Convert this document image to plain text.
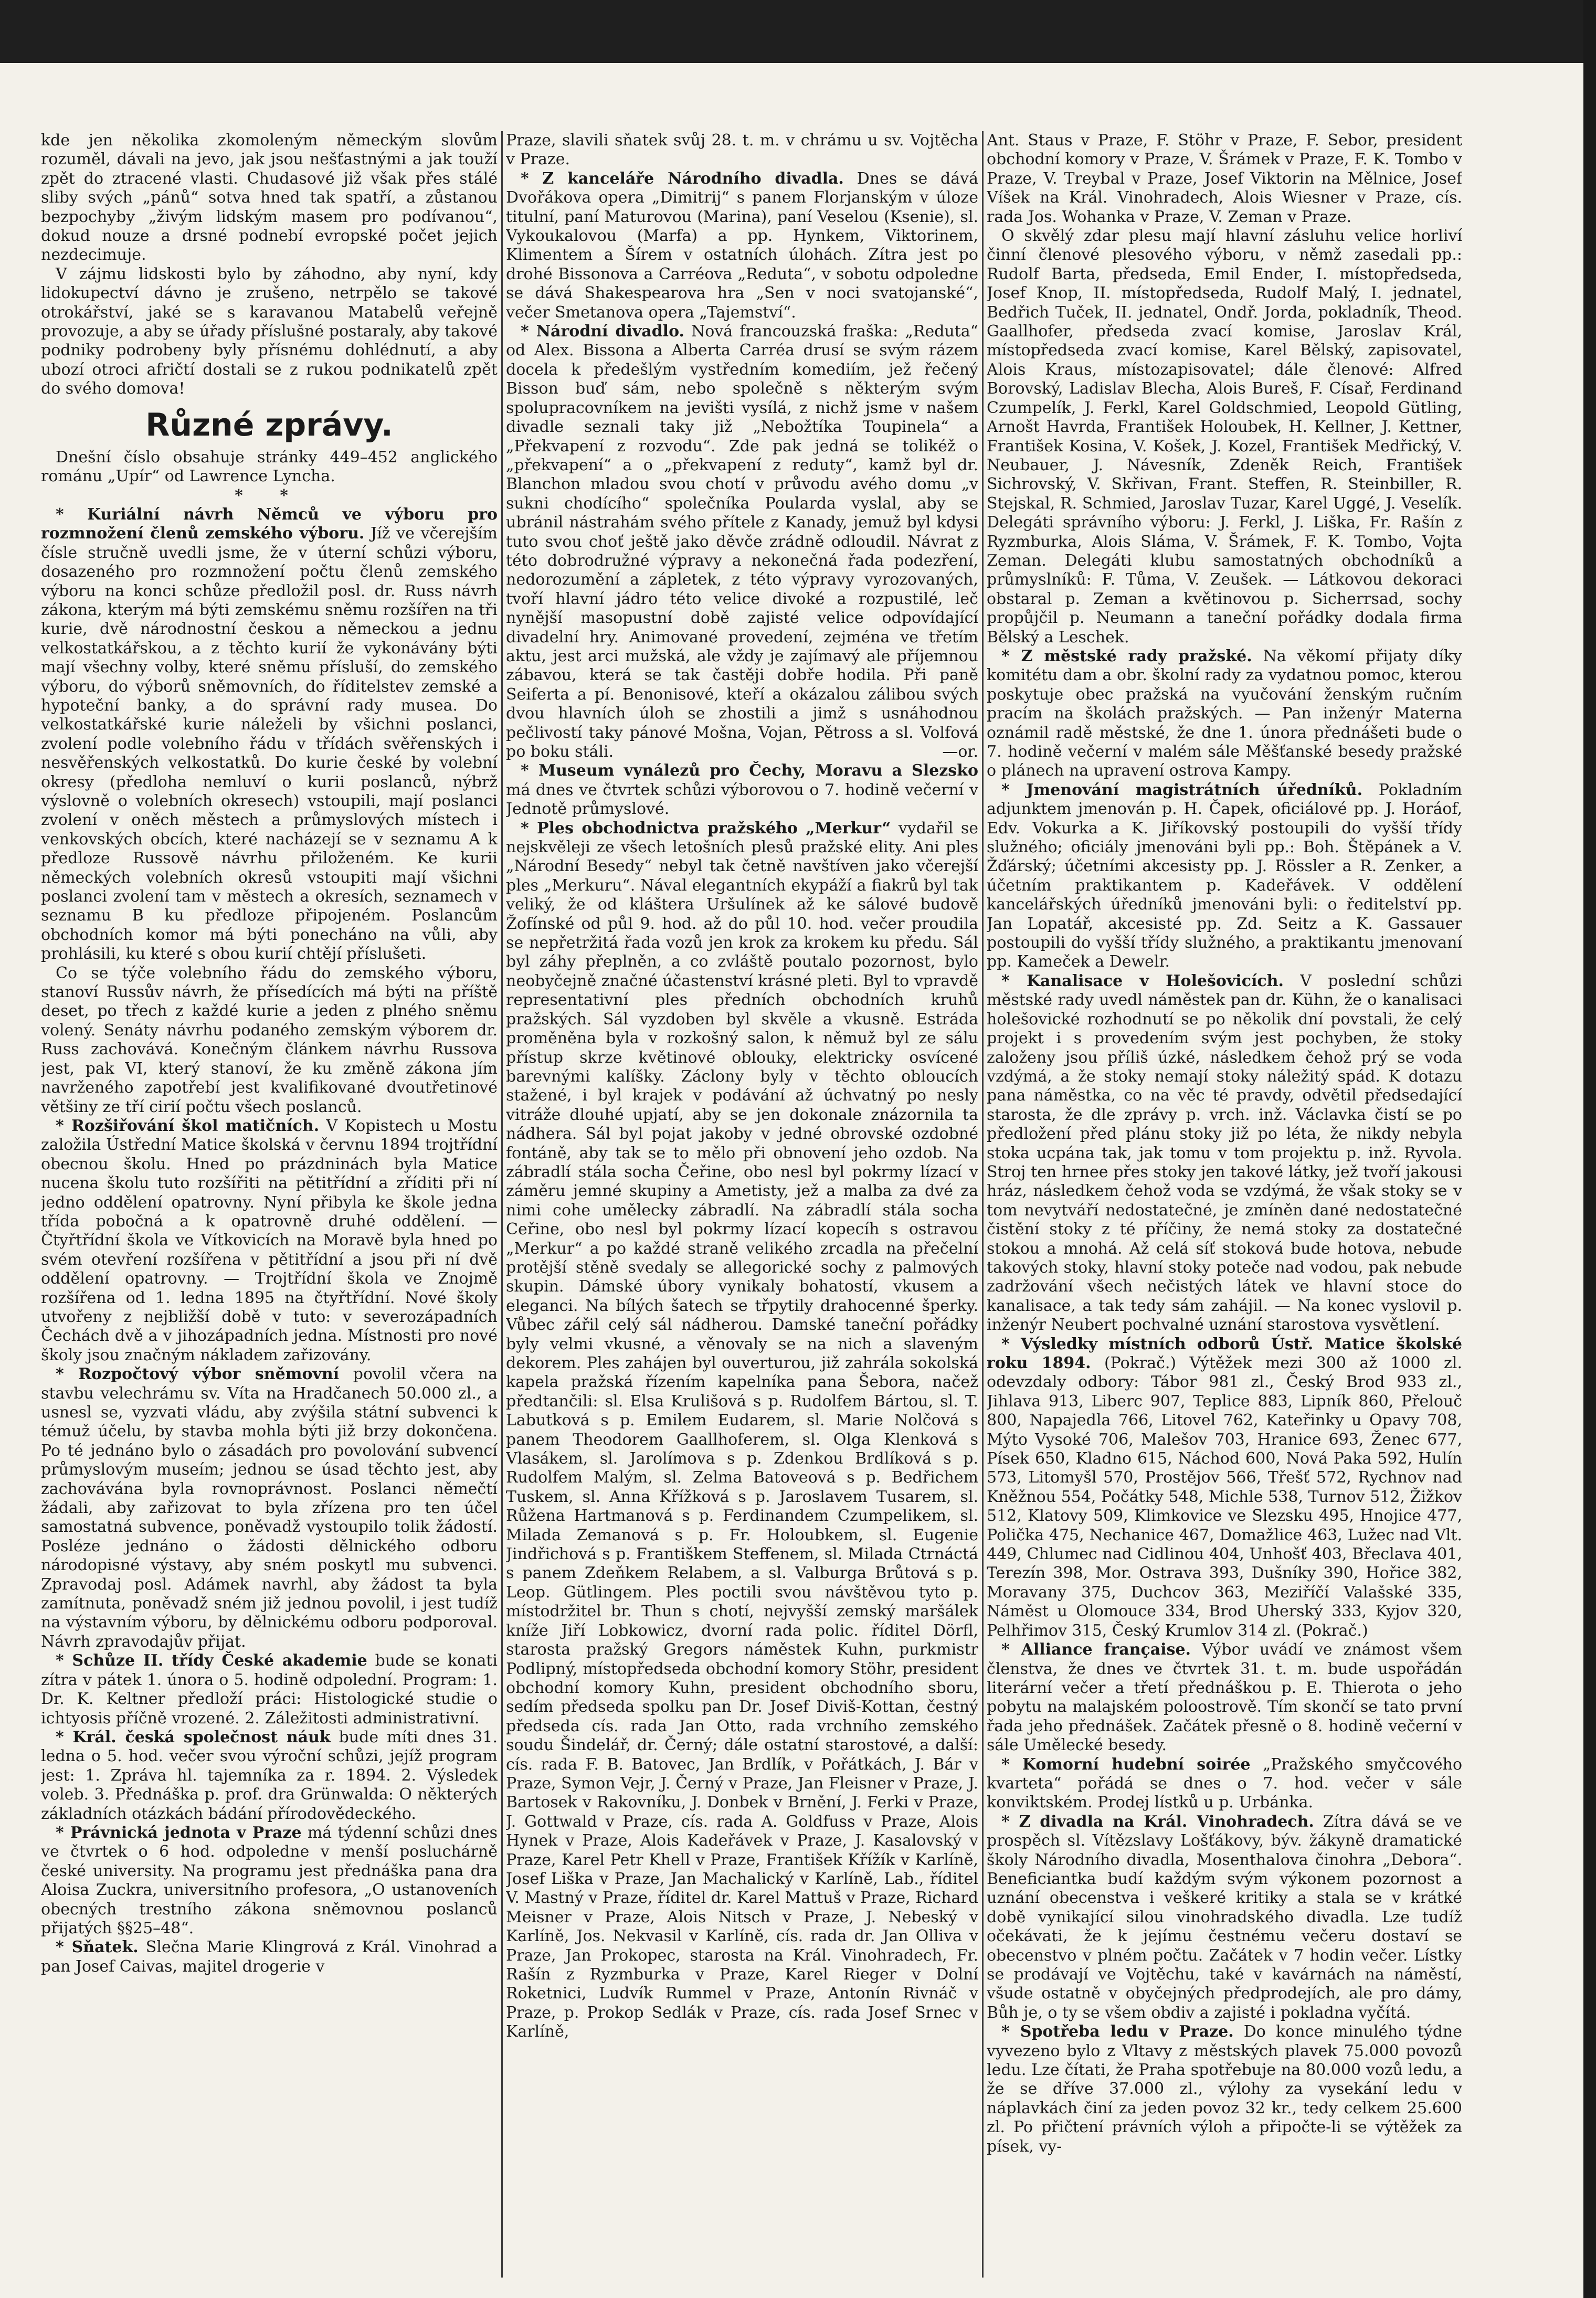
kde jen několika zkomoleným německým slovům rozuměl, dávali na jevo, jak jsou nešťastnými a jak touží zpět do ztracené vlasti. Chudasové již však přes stálé sliby svých „pánů“ sotva hned tak spatří, a zůstanou bezpochyby „živým lidským masem pro podívanou“, dokud nouze a drsné podnebí evropské počet jejich nezdecimuje.

V zájmu lidskosti bylo by záhodno, aby nyní, kdy lidokupectví dávno je zrušeno, netrpělo se takové otrokářství, jaké se s karavanou Matabelů veřejně provozuje, a aby se úřady příslušné postaraly, aby takové podniky podrobeny byly přísnému dohlédnutí, a aby ubozí otroci afričtí dostali se z rukou podnikatelů zpět do svého domova!

Různé zprávy.

Dnešní číslo obsahuje stránky 449–452 anglického románu „Upír“ od Lawrence Lyncha.

* *

* Kuriální návrh Němců ve výboru pro rozmnožení členů zemského výboru. Jíž ve včerejším čísle stručně uvedli jsme, že v úterní schůzi výboru, dosazeného pro rozmnožení počtu členů zemského výboru na konci schůze předložil posl. dr. Russ návrh zákona, kterým má býti zemskému sněmu rozšířen na tři kurie, dvě národnostní českou a německou a jednu velkostatkářskou, a z těchto kurií že vykonávány býti mají všechny volby, které sněmu přísluší, do zemského výboru, do výborů sněmovních, do říditelstev zemské a hypoteční banky, a do správní rady musea. Do velkostatkářské kurie náleželi by všichni poslanci, zvolení podle volebního řádu v třídách svěřenských i nesvěřenských velkostatků. Do kurie české by volební okresy (předloha nemluví o kurii poslanců, nýbrž výslovně o volebních okresech) vstoupili, mají poslanci zvolení v oněch městech a průmyslových místech i venkovských obcích, které nacházejí se v seznamu A k předloze Russově návrhu přiloženém. Ke kurii německých volebních okresů vstoupiti mají všichni poslanci zvolení tam v městech a okresích, seznamech v seznamu B ku předloze připojeném. Poslancům obchodních komor má býti ponecháno na vůli, aby prohlásili, ku které s obou kurií chtějí příslušeti.

Co se týče volebního řádu do zemského výboru, stanoví Russův návrh, že přísedících má býti na příště deset, po třech z každé kurie a jeden z plného sněmu volený. Senáty návrhu podaného zemským výborem dr. Russ zachovává. Konečným článkem návrhu Russova jest, pak VI, který stanoví, že ku změně zákona jím navrženého zapotřebí jest kvalifikované dvoutřetinové většiny ze tří cirií počtu všech poslanců.

* Rozšiřování škol matičních. V Kopistech u Mostu založila Ústřední Matice školská v červnu 1894 trojtřídní obecnou školu. Hned po prázdninách byla Matice nucena školu tuto rozšířiti na pětitřídní a zříditi při ní jedno oddělení opatrovny. Nyní přibyla ke škole jedna třída pobočná a k opatrovně druhé oddělení. — Čtyřtřídní škola ve Vítkovicích na Moravě byla hned po svém otevření rozšířena v pětitřídní a jsou při ní dvě oddělení opatrovny. — Trojtřídní škola ve Znojmě rozšířena od 1. ledna 1895 na čtyřtřídní. Nové školy utvořeny z nejbližší době v tuto: v severozápadních Čechách dvě a v jihozápadních jedna. Místnosti pro nové školy jsou značným nákladem zařizovány.

* Rozpočtový výbor sněmovní povolil včera na stavbu velechrámu sv. Víta na Hradčanech 50.000 zl., a usnesl se, vyzvati vládu, aby zvýšila státní subvenci k témuž účelu, by stavba mohla býti již brzy dokončena. Po té jednáno bylo o zásadách pro povolování subvencí průmyslovým museím; jednou se úsad těchto jest, aby zachovávána byla rovnoprávnost. Poslanci němečtí žádali, aby zařizovat to byla zřízena pro ten účel samostatná subvence, poněvadž vystoupilo tolik žádostí. Posléze jednáno o žádosti dělnického odboru národopisné výstavy, aby sném poskytl mu subvenci. Zpravodaj posl. Adámek navrhl, aby žádost ta byla zamítnuta, poněvadž sném již jednou povolil, i jest tudíž na výstavním výboru, by dělnickému odboru podporoval. Návrh zpravodajův přijat.

* Schůze II. třídy České akademie bude se konati zítra v pátek 1. února o 5. hodině odpolední. Program: 1. Dr. K. Keltner předloží práci: Histologické studie o ichtyosis příčně vrozené. 2. Záležitosti administrativní.

* Král. česká společnost náuk bude míti dnes 31. ledna o 5. hod. večer svou výroční schůzi, jejíž program jest: 1. Zpráva hl. tajemníka za r. 1894. 2. Výsledek voleb. 3. Přednáška p. prof. dra Grünwalda: O některých základních otázkách bádání přírodovědeckého.

* Právnická jednota v Praze má týdenní schůzi dnes ve čtvrtek o 6 hod. odpoledne v menší posluchárně české university. Na programu jest přednáška pana dra Aloisa Zuckra, universitního profesora, „O ustanoveních obecných trestního zákona sněmovnou poslanců přijatých §§25–48“.

* Sňatek. Slečna Marie Klingrová z Král. Vinohrad a pan Josef Caivas, majitel drogerie v

Praze, slavili sňatek svůj 28. t. m. v chrámu u sv. Vojtěcha v Praze.

* Z kanceláře Národního divadla. Dnes se dává Dvořákova opera „Dimitrij“ s panem Florjanským v úloze titulní, paní Maturovou (Marina), paní Veselou (Ksenie), sl. Vykoukalovou (Marfa) a pp. Hynkem, Viktorinem, Klimentem a Šírem v ostatních úlohách. Zítra jest po drohé Bissonova a Carréova „Reduta“, v sobotu odpoledne se dává Shakespearova hra „Sen v noci svatojanské“, večer Smetanova opera „Tajemství“.

* Národní divadlo. Nová francouzská fraška: „Reduta“ od Alex. Bissona a Alberta Carréa drusí se svým rázem docela k předešlým vystředním komediím, jež řečený Bisson buď sám, nebo společně s některým svým spolupracovníkem na jevišti vysílá, z nichž jsme v našem divadle seznali taky již „Nebožtíka Toupinela“ a „Překvapení z rozvodu“. Zde pak jedná se tolikéž o „překvapení“ a o „překvapení z reduty“, kamž byl dr. Blanchon mladou svou chotí v průvodu avého domu „v sukni chodícího“ společníka Poularda vyslal, aby se ubránil nástrahám svého přítele z Kanady, jemuž byl kdysi tuto svou choť ještě jako děvče zrádně odloudil. Návrat z této dobrodružné výpravy a nekonečná řada podezření, nedorozumění a zápletek, z této výpravy vyrozovaných, tvoří hlavní jádro této velice divoké a rozpustilé, leč nynější masopustní době zajisté velice odpovídající divadelní hry. Animované provedení, zejména ve třetím aktu, jest arci mužská, ale vždy je zajímavý ale příjemnou zábavou, která se tak častěji dobře hodila. Při paně Seiferta a pí. Benonisové, kteří a okázalou zálibou svých dvou hlavních úloh se zhostili a jimž s usnáhodnou pečlivostí taky pánové Mošna, Vojan, Pětross a sl. Volfová po boku stáli.	—or.

* Museum vynálezů pro Čechy, Moravu a Slezsko má dnes ve čtvrtek schůzi výborovou o 7. hodině večerní v Jednotě průmyslové.

* Ples obchodnictva pražského „Merkur“ vydařil se nejskvěleji ze všech letošních plesů pražské elity. Ani ples „Národní Besedy“ nebyl tak četně navštíven jako včerejší ples „Merkuru“. Nával elegantních ekypáží a fiakrů byl tak veliký, že od kláštera Uršulínek až ke sálové budově Žofínské od půl 9. hod. až do půl 10. hod. večer proudila se nepřetržitá řada vozů jen krok za krokem ku předu. Sál byl záhy přeplněn, a co zvláště poutalo pozornost, bylo neobyčejně značné účastenství krásné pleti. Byl to vpravdě representativní ples předních obchodních kruhů pražských. Sál vyzdoben byl skvěle a vkusně. Estráda proměněna byla v rozkošný salon, k němuž byl ze sálu přístup skrze květinové oblouky, elektricky osvícené barevnými kalíšky. Záclony byly v těchto obloucích stažené, i byl krajek v podávání až úchvatný po nesly vitráže dlouhé upjatí, aby se jen dokonale znázornila ta nádhera. Sál byl pojat jakoby v jedné obrovské ozdobné fontáně, aby tak se to mělo při obnovení jeho ozdob. Na zábradlí stála socha Čeřine, obo nesl byl pokrmy lízací v záměru jemné skupiny a Ametisty, jež a malba za dvé za nimi cohe umělecky zábradlí. Na zábradlí stála socha Ceřine, obo nesl byl pokrmy lízací kopecíh s ostravou „Merkur“ a po každé straně velikého zrcadla na přečelní protější stěně svedaly se allegorické sochy z palmových skupin. Dámské úbory vynikaly bohatostí, vkusem a eleganci. Na bílých šatech se třpytily drahocenné šperky. Vůbec zářil celý sál nádherou. Damské taneční pořádky byly velmi vkusné, a věnovaly se na nich a slaveným dekorem. Ples zahájen byl ouverturou, již zahrála sokolská kapela pražská řízením kapelníka pana Šebora, načež předtančili: sl. Elsa Krulišová s p. Rudolfem Bártou, sl. T. Labutková s p. Emilem Eudarem, sl. Marie Nolčová s panem Theodorem Gaallhoferem, sl. Olga Klenková s Vlasákem, sl. Jarolímova s p. Zdenkou Brdlíková s p. Rudolfem Malým, sl. Zelma Batoveová s p. Bedřichem Tuskem, sl. Anna Křížková s p. Jaroslavem Tusarem, sl. Růžena Hartmanová s p. Ferdinandem Czumpelikem, sl. Milada Zemanová s p. Fr. Holoubkem, sl. Eugenie Jindřichová s p. Františkem Steffenem, sl. Milada Ctrnáctá s panem Zdeňkem Relabem, a sl. Valburga Brůtová s p. Leop. Gütlingem. Ples poctili svou návštěvou tyto p. místodržitel br. Thun s chotí, nejvyšší zemský maršálek kníže Jiří Lobkowicz, dvorní rada polic. říditel Dörfl, starosta pražský Gregors náměstek Kuhn, purkmistr Podlipný, místopředseda obchodní komory Stöhr, president obchodní komory Kuhn, president obchodního sboru, sedím předseda spolku pan Dr. Josef Diviš-Kottan, čestný předseda cís. rada Jan Otto, rada vrchního zemského soudu Šindelář, dr. Černý; dále ostatní starostové, a další: cís. rada F. B. Batovec, Jan Brdlík, v Pořátkách, J. Bár v Praze, Symon Vejr, J. Černý v Praze, Jan Fleisner v Praze, J. Bartosek v Rakovníku, J. Donbek v Brnění, J. Ferki v Praze, J. Gottwald v Praze, cís. rada A. Goldfuss v Praze, Alois Hynek v Praze, Alois Kadeřávek v Praze, J. Kasalovský v Praze, Karel Petr Khell v Praze, František Křížík v Karlíně, Josef Liška v Praze, Jan Machalický v Karlíně, Lab., říditel V. Mastný v Praze, říditel dr. Karel Mattuš v Praze, Richard Meisner v Praze, Alois Nitsch v Praze, J. Nebeský v Karlíně, Jos. Nekvasil v Karlíně, cís. rada dr. Jan Olliva v Praze, Jan Prokopec, starosta na Král. Vinohradech, Fr. Rašín z Ryzmburka v Praze, Karel Rieger v Dolní Roketnici, Ludvík Rummel v Praze, Antonín Rivnáč v Praze, p. Prokop Sedlák v Praze, cís. rada Josef Srnec v Karlíně,

Ant. Staus v Praze, F. Stöhr v Praze, F. Sebor, president obchodní komory v Praze, V. Šrámek v Praze, F. K. Tombo v Praze, V. Treybal v Praze, Josef Viktorin na Mělnice, Josef Víšek na Král. Vinohradech, Alois Wiesner v Praze, cís. rada Jos. Wohanka v Praze, V. Zeman v Praze.

O skvělý zdar plesu mají hlavní zásluhu velice horliví činní členové plesového výboru, v němž zasedali pp.: Rudolf Barta, předseda, Emil Ender, I. místopředseda, Josef Knop, II. místopředseda, Rudolf Malý, I. jednatel, Bedřich Tuček, II. jednatel, Ondř. Jorda, pokladník, Theod. Gaallhofer, předseda zvací komise, Jaroslav Král, místopředseda zvací komise, Karel Bělský, zapisovatel, Alois Kraus, místozapisovatel; dále členové: Alfred Borovský, Ladislav Blecha, Alois Bureš, F. Císař, Ferdinand Czumpelík, J. Ferkl, Karel Goldschmied, Leopold Gütling, Arnošt Havrda, František Holoubek, H. Kellner, J. Kettner, František Kosina, V. Košek, J. Kozel, František Medřický, V. Neubauer, J. Návesník, Zdeněk Reich, František Sichrovský, V. Skřivan, Frant. Steffen, R. Steinbiller, R. Stejskal, R. Schmied, Jaroslav Tuzar, Karel Uggé, J. Veselík. Delegáti správního výboru: J. Ferkl, J. Liška, Fr. Rašín z Ryzmburka, Alois Sláma, V. Šrámek, F. K. Tombo, Vojta Zeman. Delegáti klubu samostatných obchodníků a průmyslníků: F. Tůma, V. Zeušek. — Látkovou dekoraci obstaral p. Zeman a květinovou p. Sicherrsad, sochy propůjčil p. Neumann a taneční pořádky dodala firma Bělský a Leschek.

* Z městské rady pražské. Na věkomí přijaty díky komitétu dam a obr. školní rady za vydatnou pomoc, kterou poskytuje obec pražská na vyučování ženským ručním pracím na školách pražských. — Pan inženýr Materna oznámil radě městské, že dne 1. února přednášeti bude o 7. hodině večerní v malém sále Měšťanské besedy pražské o plánech na upravení ostrova Kampy.

* Jmenování magistrátních úředníků. Pokladním adjunktem jmenován p. H. Čapek, oficiálové pp. J. Horáof, Edv. Vokurka a K. Jiříkovský postoupili do vyšší třídy služného; oficiály jmenováni byli pp.: Boh. Štěpánek a V. Žďárský; účetními akcesisty pp. J. Rössler a R. Zenker, a účetním praktikantem p. Kadeřávek. V oddělení kancelářských úředníků jmenováni byli: o ředitelství pp. Jan Lopatář, akcesisté pp. Zd. Seitz a K. Gassauer postoupili do vyšší třídy služného, a praktikantu jmenovaní pp. Kameček a Dewelr.

* Kanalisace v Holešovicích. V poslední schůzi městské rady uvedl náměstek pan dr. Kühn, že o kanalisaci holešovické rozhodnutí se po několik dní povstali, že celý projekt i s provedením svým jest pochyben, že stoky založeny jsou příliš úzké, následkem čehož prý se voda vzdýmá, a že stoky nemají stoky náležitý spád. K dotazu pana náměstka, co na věc té pravdy, odvětil předsedající starosta, že dle zprávy p. vrch. inž. Václavka čistí se po předložení před plánu stoky již po léta, že nikdy nebyla stoka ucpána tak, jak tomu v tom projektu p. inž. Ryvola. Stroj ten hrnee přes stoky jen takové látky, jež tvoří jakousi hráz, následkem čehož voda se vzdýmá, že však stoky se v tom nevytváří nedostatečné, je zmíněn dané nedostatečné čistění stoky z té příčiny, že nemá stoky za dostatečné stokou a mnohá. Až celá síť stoková bude hotova, nebude takových stoky, hlavní stoky poteče nad vodou, pak nebude zadržování všech nečistých látek ve hlavní stoce do kanalisace, a tak tedy sám zahájil. — Na konec vyslovil p. inženýr Neubert pochvalné uznání starostova vysvětlení.

* Výsledky místních odborů Ústř. Matice školské roku 1894. (Pokrač.) Výtěžek mezi 300 až 1000 zl. odevzdaly odbory: Tábor 981 zl., Český Brod 933 zl., Jihlava 913, Liberc 907, Teplice 883, Lipník 860, Přelouč 800, Napajedla 766, Litovel 762, Kateřinky u Opavy 708, Mýto Vysoké 706, Malešov 703, Hranice 693, Ženec 677, Písek 650, Kladno 615, Náchod 600, Nová Paka 592, Hulín 573, Litomyšl 570, Prostějov 566, Třešť 572, Rychnov nad Kněžnou 554, Počátky 548, Michle 538, Turnov 512, Žižkov 512, Klatovy 509, Klimkovice ve Slezsku 495, Hnojice 477, Polička 475, Nechanice 467, Domažlice 463, Lužec nad Vlt. 449, Chlumec nad Cidlinou 404, Unhošť 403, Břeclava 401, Terezín 398, Mor. Ostrava 393, Dušníky 390, Hořice 382, Moravany 375, Duchcov 363, Meziříčí Valašské 335, Náměst u Olomouce 334, Brod Uherský 333, Kyjov 320, Pelhřimov 315, Český Krumlov 314 zl. (Pokrač.)

* Alliance française. Výbor uvádí ve známost všem členstva, že dnes ve čtvrtek 31. t. m. bude uspořádán literární večer a třetí přednáškou p. E. Thierota o jeho pobytu na malajském poloostrově. Tím skončí se tato první řada jeho přednášek. Začátek přesně o 8. hodině večerní v sále Umělecké besedy.

* Komorní hudební soirée „Pražského smyčcového kvarteta“ pořádá se dnes o 7. hod. večer v sále konviktském. Prodej lístků u p. Urbánka.

* Z divadla na Král. Vinohradech. Zítra dává se ve prospěch sl. Vítězslavy Lošťákovy, býv. žákyně dramatické školy Národního divadla, Mosenthalova činohra „Debora“. Beneficiantka budí každým svým výkonem pozornost a uznání obecenstva i veškeré kritiky a stala se v krátké době vynikající silou vinohradského divadla. Lze tudíž očekávati, že k jejímu čestnému večeru dostaví se obecenstvo v plném počtu. Začátek v 7 hodin večer. Lístky se prodávají ve Vojtěchu, také v kavárnách na náměstí, všude ostatně v obyčejných předprodejích, ale pro dámy, Bůh je, o ty se všem obdiv a zajisté i pokladna vyčítá.

* Spotřeba ledu v Praze. Do konce minulého týdne vyvezeno bylo z Vltavy z městských plavek 75.000 povozů ledu. Lze čítati, že Praha spotřebuje na 80.000 vozů ledu, a že se dříve 37.000 zl., výlohy za vysekání ledu v náplavkách činí za jeden povoz 32 kr., tedy celkem 25.600 zl. Po přičtení právních výloh a připočte-li se výtěžek za písek, vy-
